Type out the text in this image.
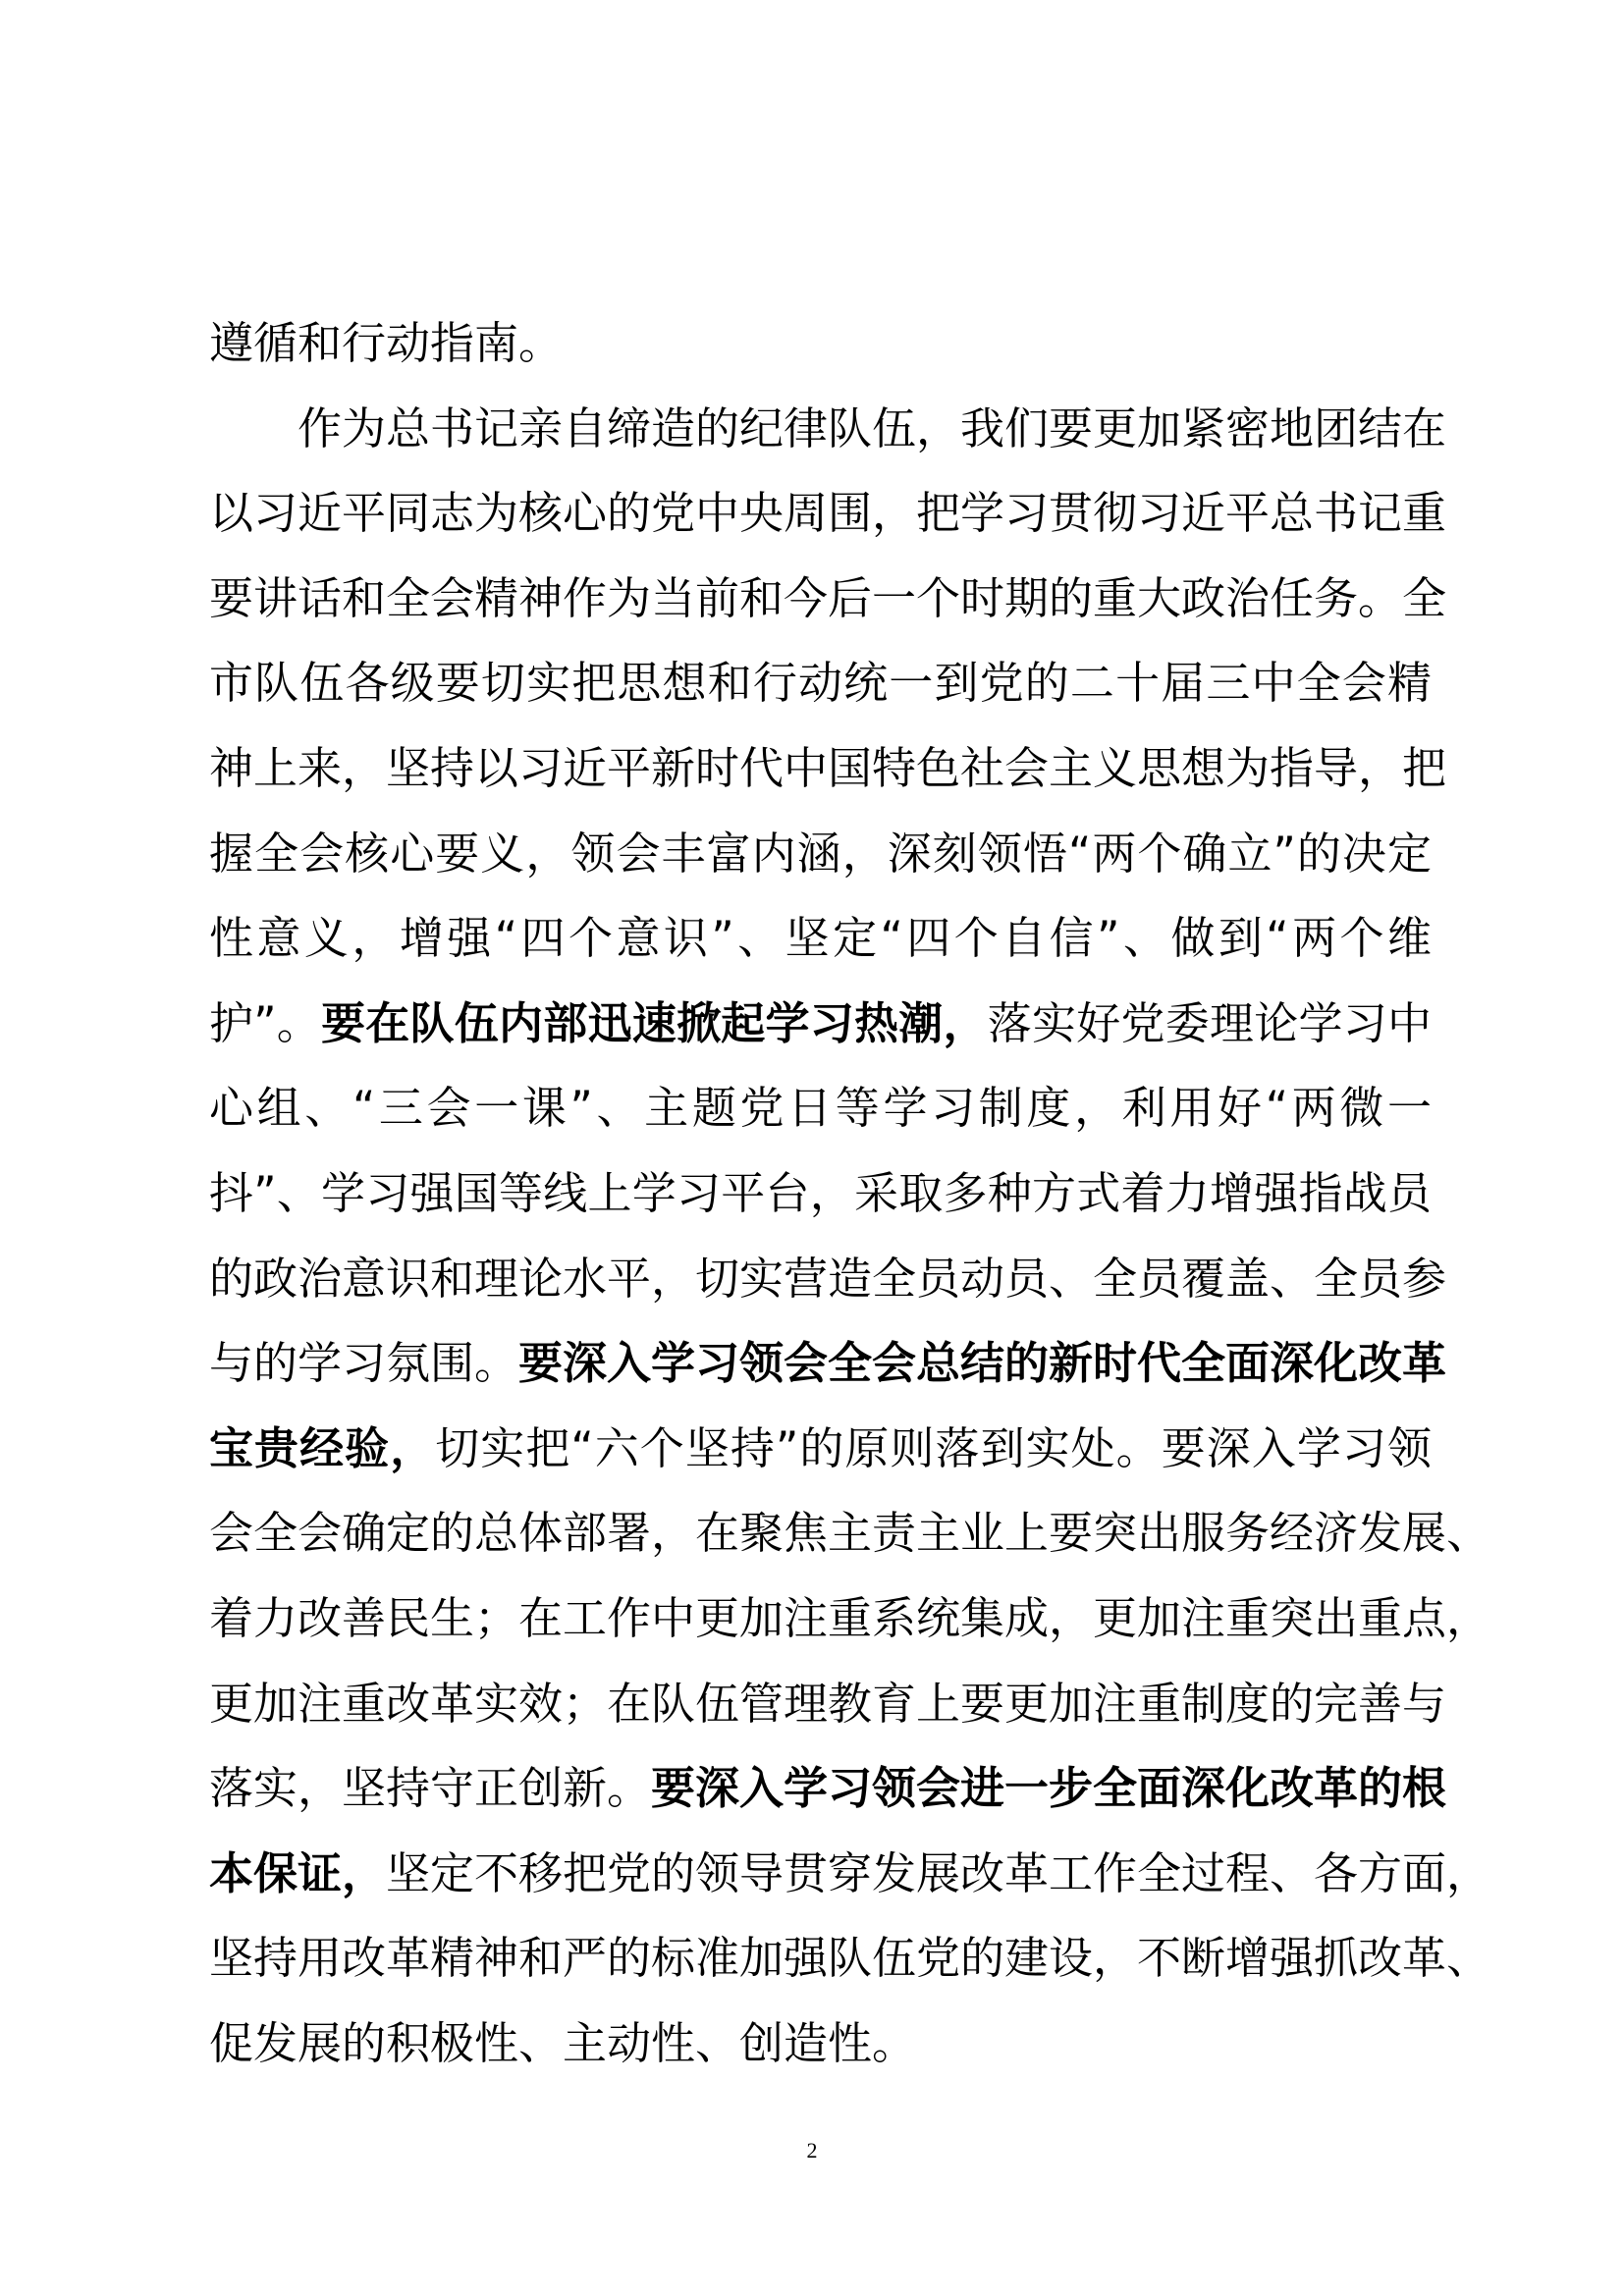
遵循和行动指南。
作为总书记亲自缔造的纪律队伍，我们要更加紧密地团结在
以习近平同志为核心的党中央周围，把学习贯彻习近平总书记重
要讲话和全会精神作为当前和今后一个时期的重大政治任务。全
市队伍各级要切实把思想和行动统一到党的二十届三中全会精
神上来，坚持以习近平新时代中国特色社会主义思想为指导，把
握全会核心要义，领会丰富内涵，深刻领悟“两个确立”的决定
性意义，增强“四个意识”、坚定“四个自信”、做到“两个维
护”。要在队伍内部迅速掀起学习热潮，落实好党委理论学习中
心组、“三会一课”、主题党日等学习制度，利用好“两微一
抖”、学习强国等线上学习平台，采取多种方式着力增强指战员
的政治意识和理论水平，切实营造全员动员、全员覆盖、全员参
与的学习氛围。要深入学习领会全会总结的新时代全面深化改革
宝贵经验，切实把“六个坚持”的原则落到实处。要深入学习领
会全会确定的总体部署，在聚焦主责主业上要突出服务经济发展、
着力改善民生；在工作中更加注重系统集成，更加注重突出重点，
更加注重改革实效；在队伍管理教育上要更加注重制度的完善与
落实，坚持守正创新。要深入学习领会进一步全面深化改革的根
本保证，坚定不移把党的领导贯穿发展改革工作全过程、各方面，
坚持用改革精神和严的标准加强队伍党的建设，不断增强抓改革、
促发展的积极性、主动性、创造性。
2
